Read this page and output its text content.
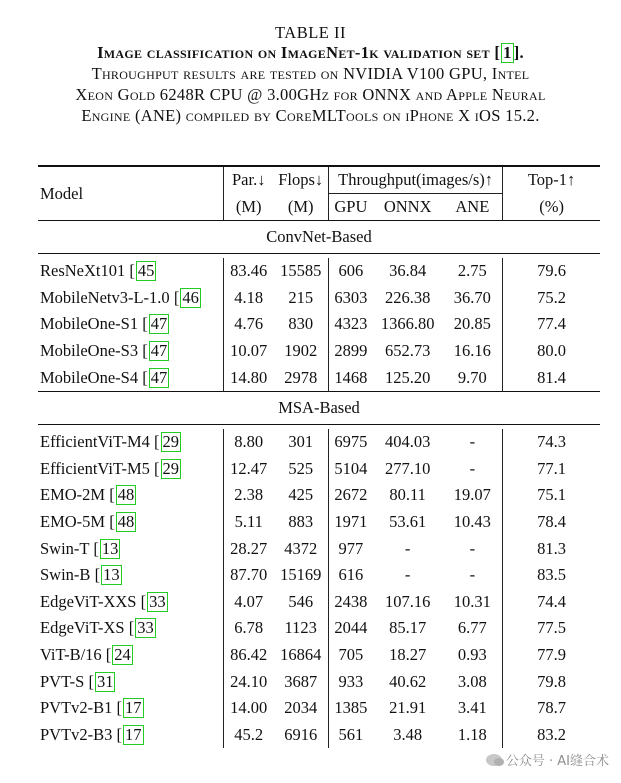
TABLE II
Image classification on ImageNet-1k validation set [ 1 ].
Throughput results are tested on NVIDIA V100 GPU, Intel
Xeon Gold 6248R CPU @ 3.00GHz for ONNX and Apple Neural
Engine (ANE) compiled by CoreMLTools on iPhone X iOS 15.2.
Model	Par.↓	Flops↓	Throughput(images/s)↑			Top-1↑
	(M)	(M)	GPU	ONNX	ANE	(%)
ConvNet-Based						

ResNeXt101 [ 45	83.46	15585	606	36.84	2.75	79.6
MobileNetv3-L-1.0 [ 46	4.18	215	6303	226.38	36.70	75.2
MobileOne-S1 [ 47	4.76	830	4323	1366.80	20.85	77.4
MobileOne-S3 [ 47	10.07	1902	2899	652.73	16.16	80.0
MobileOne-S4 [ 47	14.80	2978	1468	125.20	9.70	81.4
MSA-Based						

EfficientViT-M4 [ 29	8.80	301	6975	404.03	-	74.3
EfficientViT-M5 [ 29	12.47	525	5104	277.10	-	77.1
EMO-2M [ 48	2.38	425	2672	80.11	19.07	75.1
EMO-5M [ 48	5.11	883	1971	53.61	10.43	78.4
Swin-T [ 13	28.27	4372	977	-	-	81.3
Swin-B [ 13	87.70	15169	616	-	-	83.5
EdgeViT-XXS [ 33	4.07	546	2438	107.16	10.31	74.4
EdgeViT-XS [ 33	6.78	1123	2044	85.17	6.77	77.5
ViT-B/16 [ 24	86.42	16864	705	18.27	0.93	77.9
PVT-S [ 31	24.10	3687	933	40.62	3.08	79.8
PVTv2-B1 [ 17	14.00	2034	1385	21.91	3.41	78.7
PVTv2-B3 [ 17	45.2	6916	561	3.48	1.18	83.2
公众号 · AI缝合术
